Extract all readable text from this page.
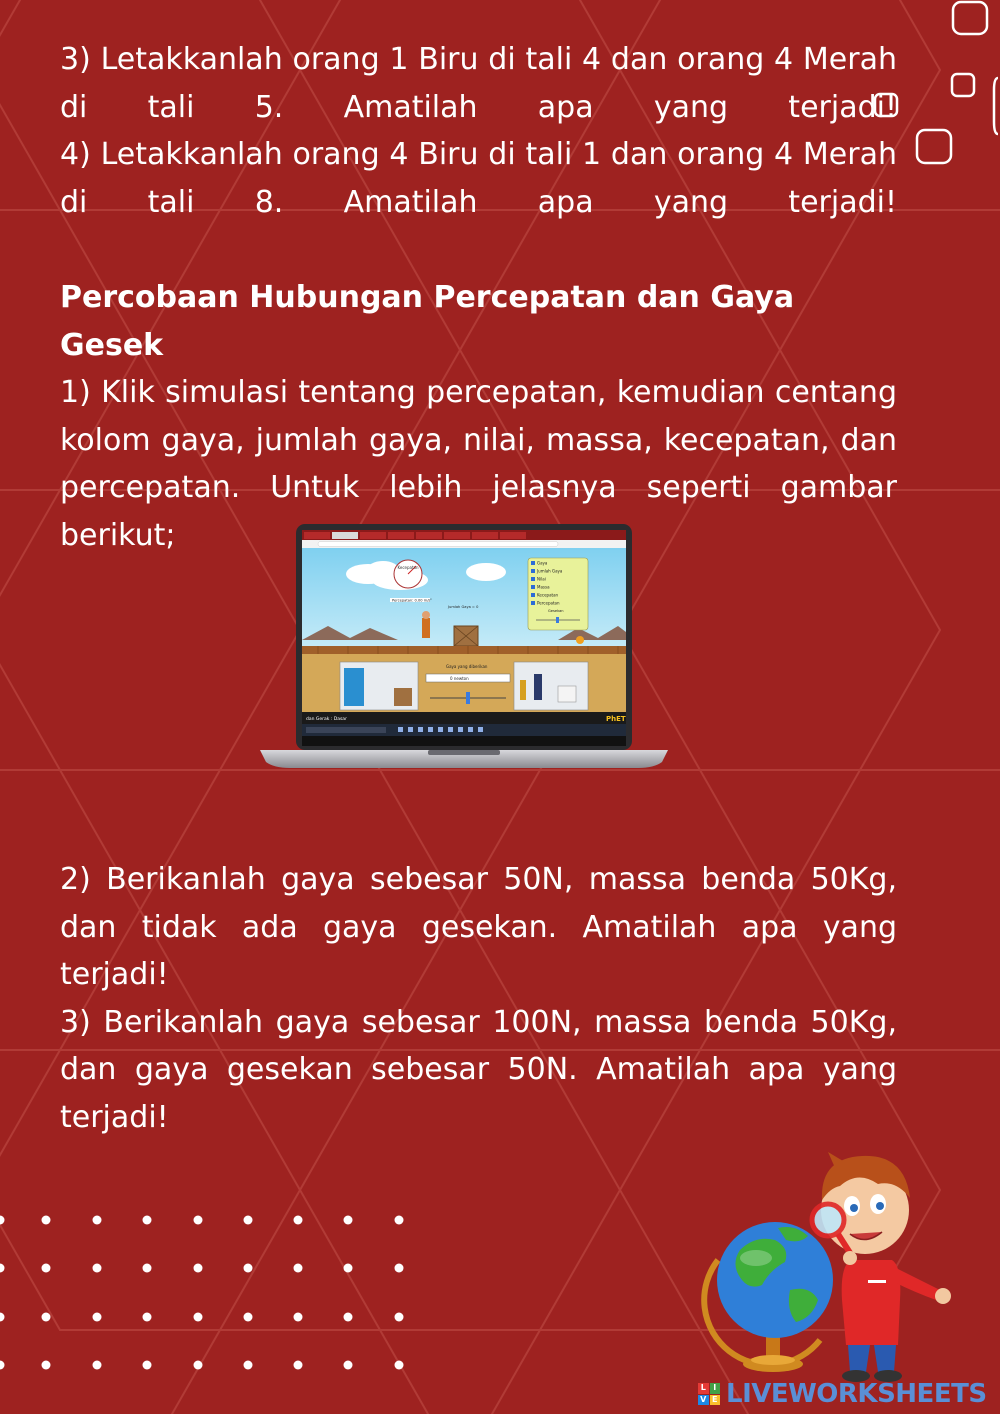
3) Letakkanlah orang 1 Biru di tali 4 dan orang 4 Merah di tali 5. Amatilah apa yang terjadi!

4) Letakkanlah orang 4 Biru di tali 1 dan orang 4 Merah di tali 8. Amatilah apa yang terjadi!

Percobaan Hubungan Percepatan dan Gaya Gesek

1) Klik simulasi tentang percepatan, kemudian centang kolom gaya, jumlah gaya, nilai, massa, kecepatan, dan percepatan. Untuk lebih jelasnya seperti gambar berikut;

2) Berikanlah gaya sebesar 50N, massa benda 50Kg, dan tidak ada gaya gesekan. Amatilah apa yang terjadi!

3) Berikanlah gaya sebesar 100N, massa benda 50Kg, dan gaya gesekan sebesar 50N. Amatilah apa yang terjadi!

Kecepatan
Percepatan: 0.00 m/s²
Jumlah Gaya = 0
Gaya
Jumlah Gaya
Nilai
Massa
Kecepatan
Percepatan
Gesekan
Gaya yang diberikan
0 newton
dan Gerak : Dasar	PhET
L I
V E LIVEWORKSHEETS
